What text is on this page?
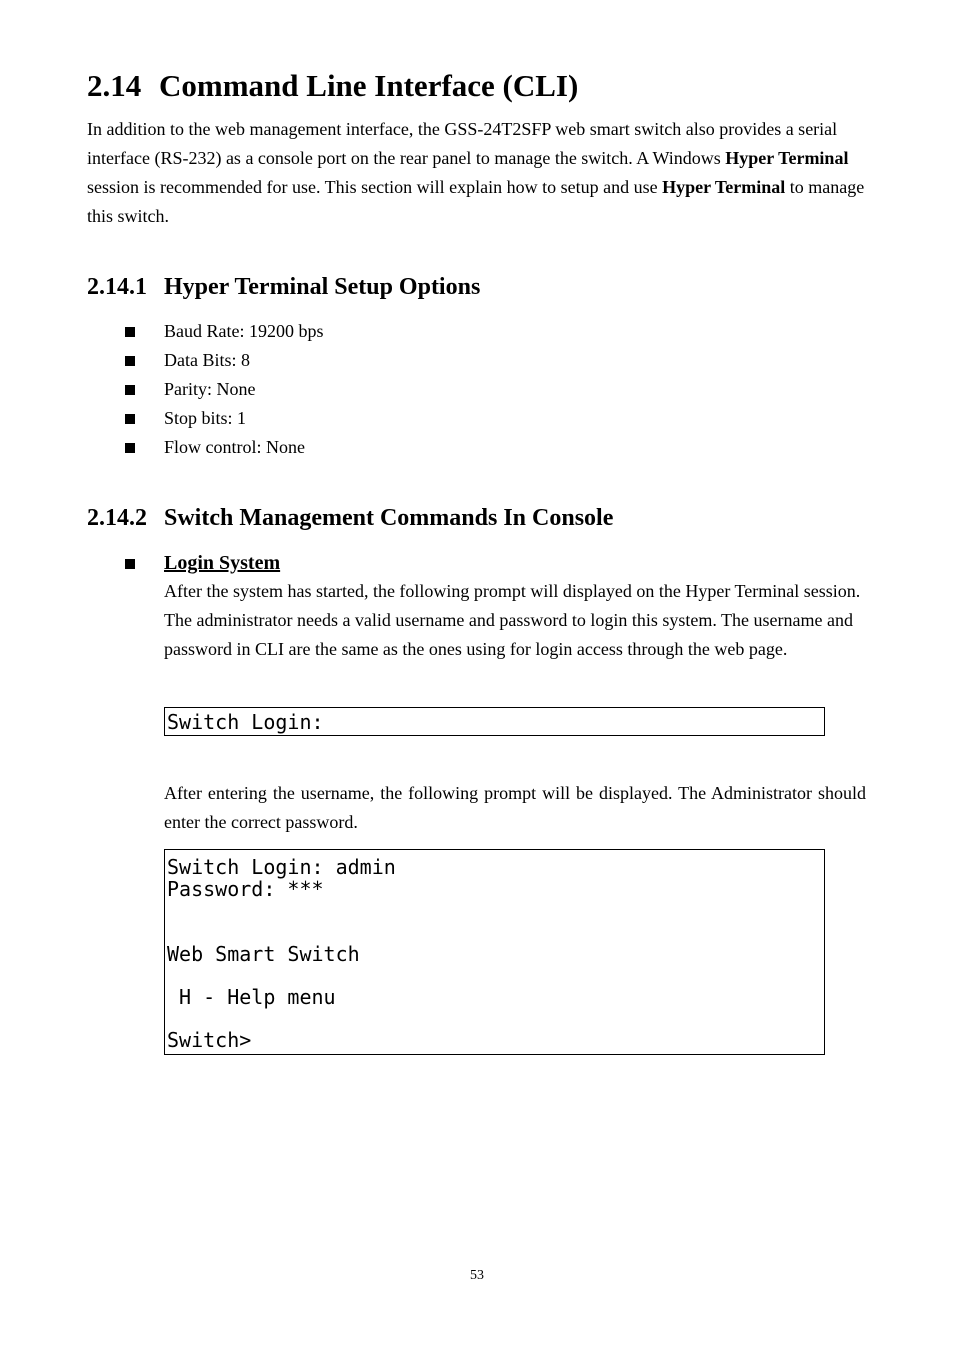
2.14 Command Line Interface (CLI)

In addition to the web management interface, the GSS-24T2SFP web smart switch also provides a serial interface (RS-232) as a console port on the rear panel to manage the switch. A Windows Hyper Terminal session is recommended for use. This section will explain how to setup and use Hyper Terminal to manage this switch.

2.14.1 Hyper Terminal Setup Options
Baud Rate: 19200 bps
Data Bits: 8
Parity: None
Stop bits: 1
Flow control: None
2.14.2 Switch Management Commands In Console
Login System

After the system has started, the following prompt will displayed on the Hyper Terminal session. The administrator needs a valid username and password to login this system. The username and password in CLI are the same as the ones using for login access through the web page.

Switch Login:

After entering the username, the following prompt will be displayed. The Administrator should enter the correct password.

Switch Login: admin

Password: ***

Web Smart Switch

H - Help menu

Switch>

53
